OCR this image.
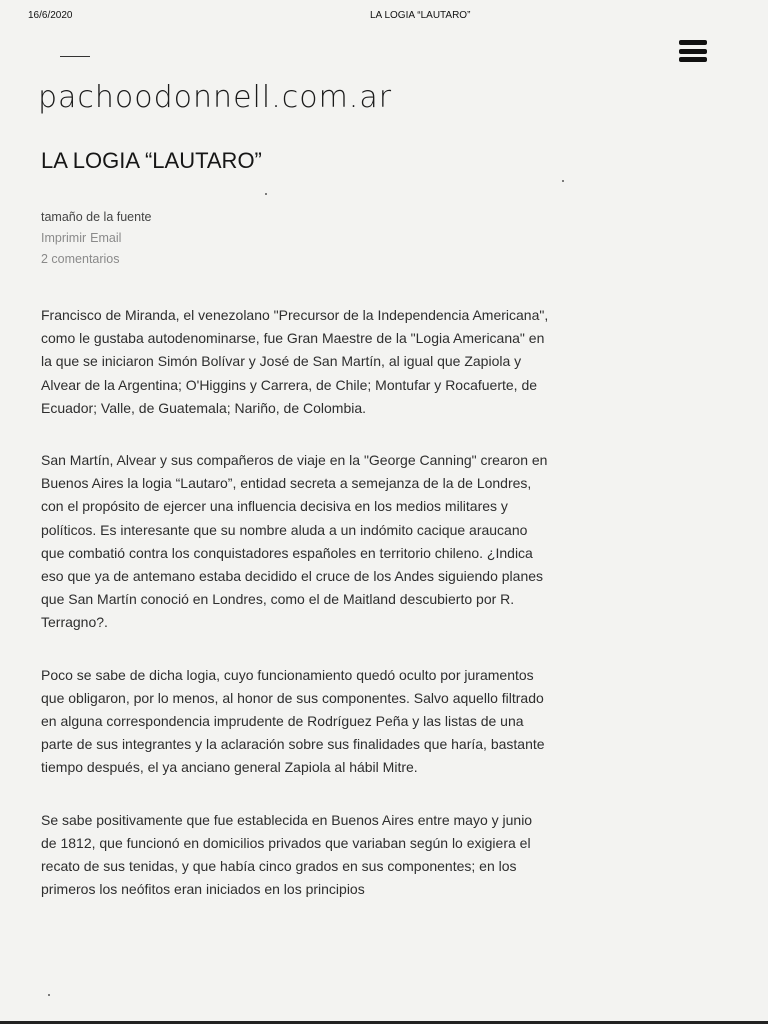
16/6/2020	LA LOGIA “LAUTARO”
pachoodonnell.com.ar
LA LOGIA “LAUTARO”
tamaño de la fuente
Imprimir Email
2 comentarios

Francisco de Miranda, el venezolano "Precursor de la Independencia Americana", como le gustaba autodenominarse, fue Gran Maestre de la "Logia Americana" en la que se iniciaron Simón Bolívar y José de San Martín, al igual que Zapiola y Alvear de la Argentina; O'Higgins y Carrera, de Chile; Montufar y Rocafuerte, de Ecuador; Valle, de Guatemala; Nariño, de Colombia.

San Martín, Alvear y sus compañeros de viaje en la "George Canning" crearon en Buenos Aires la logia “Lautaro”, entidad secreta a semejanza de la de Londres, con el propósito de ejercer una influencia decisiva en los medios militares y políticos. Es interesante que su nombre aluda a un indómito cacique araucano que combatió contra los conquistadores españoles en territorio chileno. ¿Indica eso que ya de antemano estaba decidido el cruce de los Andes siguiendo planes que San Martín conoció en Londres, como el de Maitland descubierto por R. Terragno?.

Poco se sabe de dicha logia, cuyo funcionamiento quedó oculto por juramentos que obligaron, por lo menos, al honor de sus componentes. Salvo aquello filtrado en alguna correspondencia imprudente de Rodríguez Peña y las listas de una parte de sus integrantes y la aclaración sobre sus finalidades que haría, bastante tiempo después, el ya anciano general Zapiola al hábil Mitre.

Se sabe positivamente que fue establecida en Buenos Aires entre mayo y junio de 1812, que funcionó en domicilios privados que variaban según lo exigiera el recato de sus tenidas, y que había cinco grados en sus componentes; en los primeros los neófitos eran iniciados en los principios
